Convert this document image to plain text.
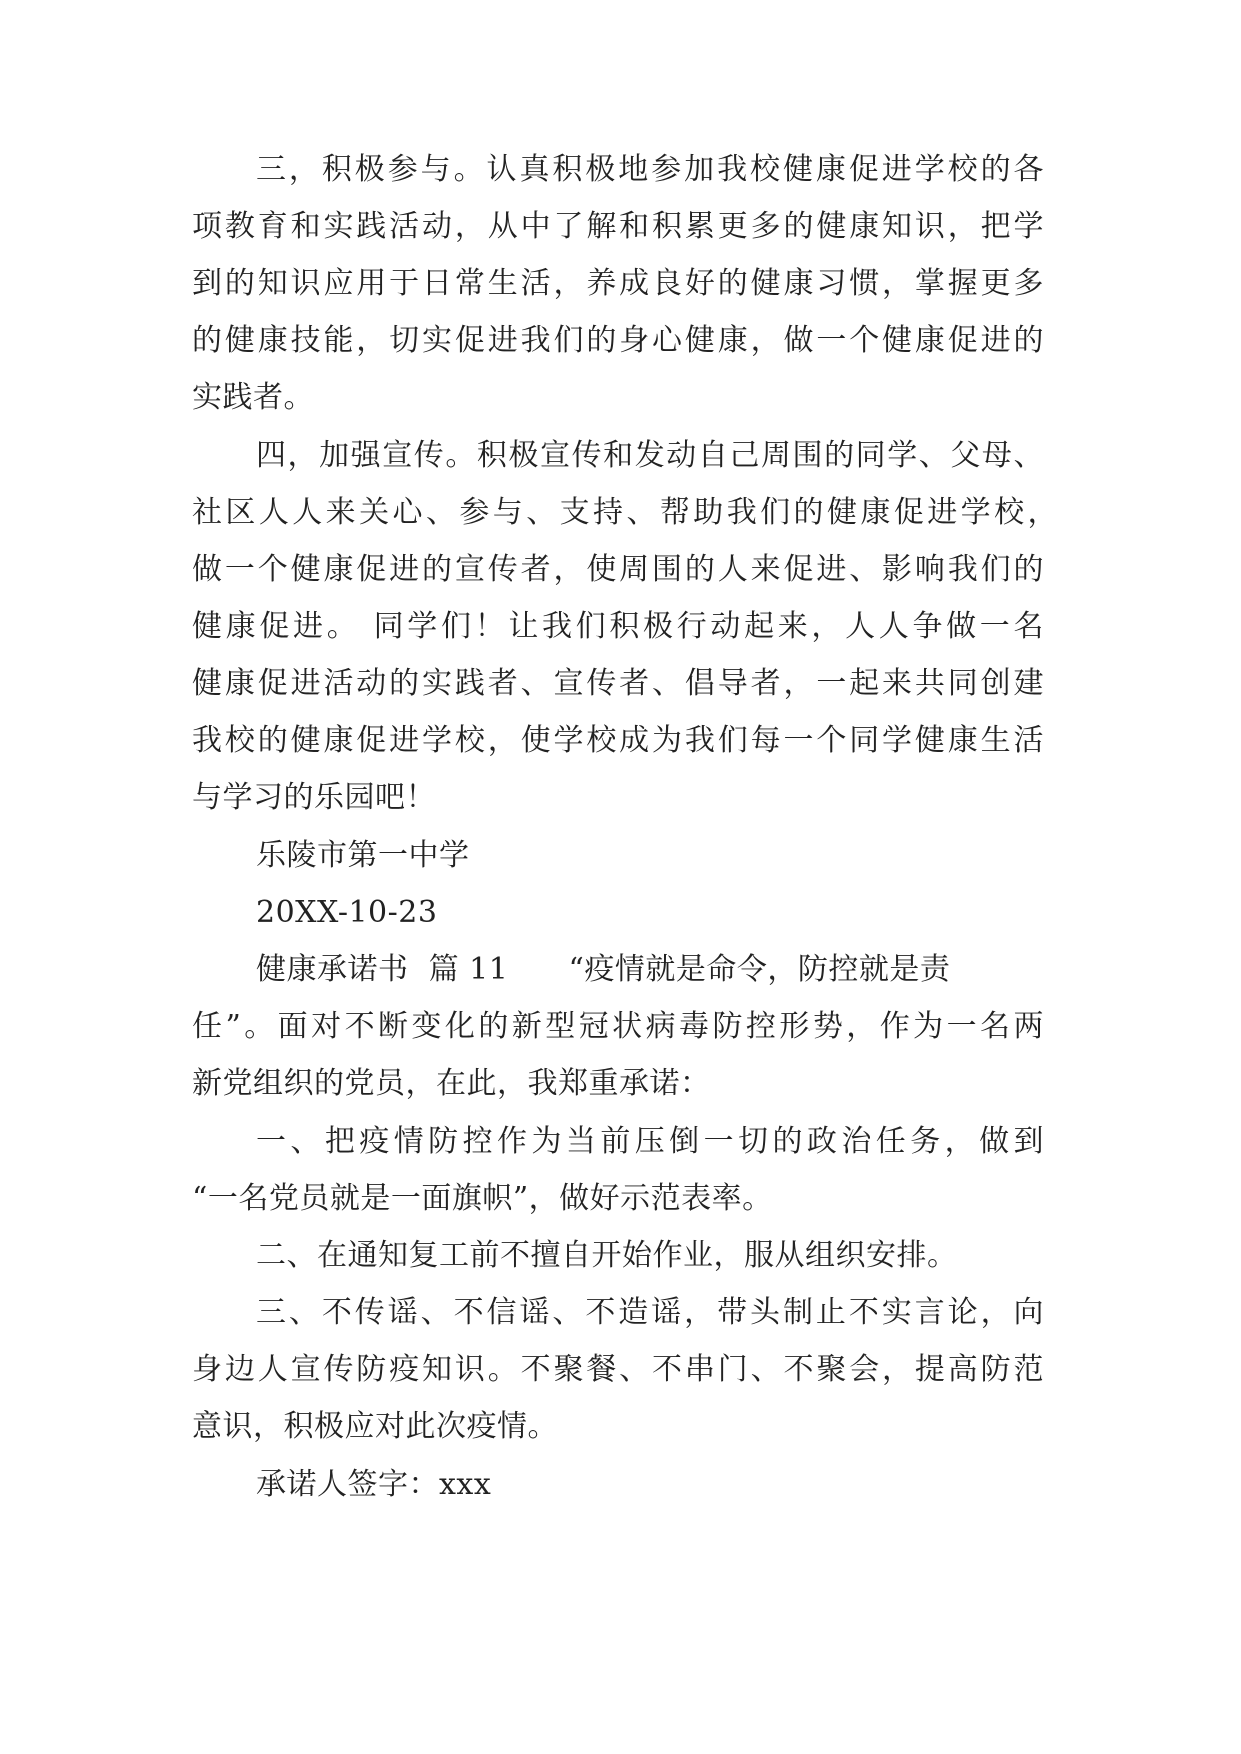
三，积极参与。认真积极地参加我校健康促进学校的各
项教育和实践活动，从中了解和积累更多的健康知识，把学
到的知识应用于日常生活，养成良好的健康习惯，掌握更多
的健康技能，切实促进我们的身心健康，做一个健康促进的
实践者。
四，加强宣传。积极宣传和发动自己周围的同学、父母、
社区人人来关心、参与、支持、帮助我们的健康促进学校，
做一个健康促进的宣传者，使周围的人来促进、影响我们的
健康促进。 同学们！让我们积极行动起来，人人争做一名
健康促进活动的实践者、宣传者、倡导者，一起来共同创建
我校的健康促进学校，使学校成为我们每一个同学健康生活
与学习的乐园吧！
乐陵市第一中学
20XX-10-23
健康承诺书  篇 11      “疫情就是命令，防控就是责
任”。面对不断变化的新型冠状病毒防控形势，作为一名两
新党组织的党员，在此，我郑重承诺：
一、把疫情防控作为当前压倒一切的政治任务，做到
“一名党员就是一面旗帜”，做好示范表率。
二、在通知复工前不擅自开始作业，服从组织安排。
三、不传谣、不信谣、不造谣，带头制止不实言论，向
身边人宣传防疫知识。不聚餐、不串门、不聚会，提高防范
意识，积极应对此次疫情。
承诺人签字：xxx
